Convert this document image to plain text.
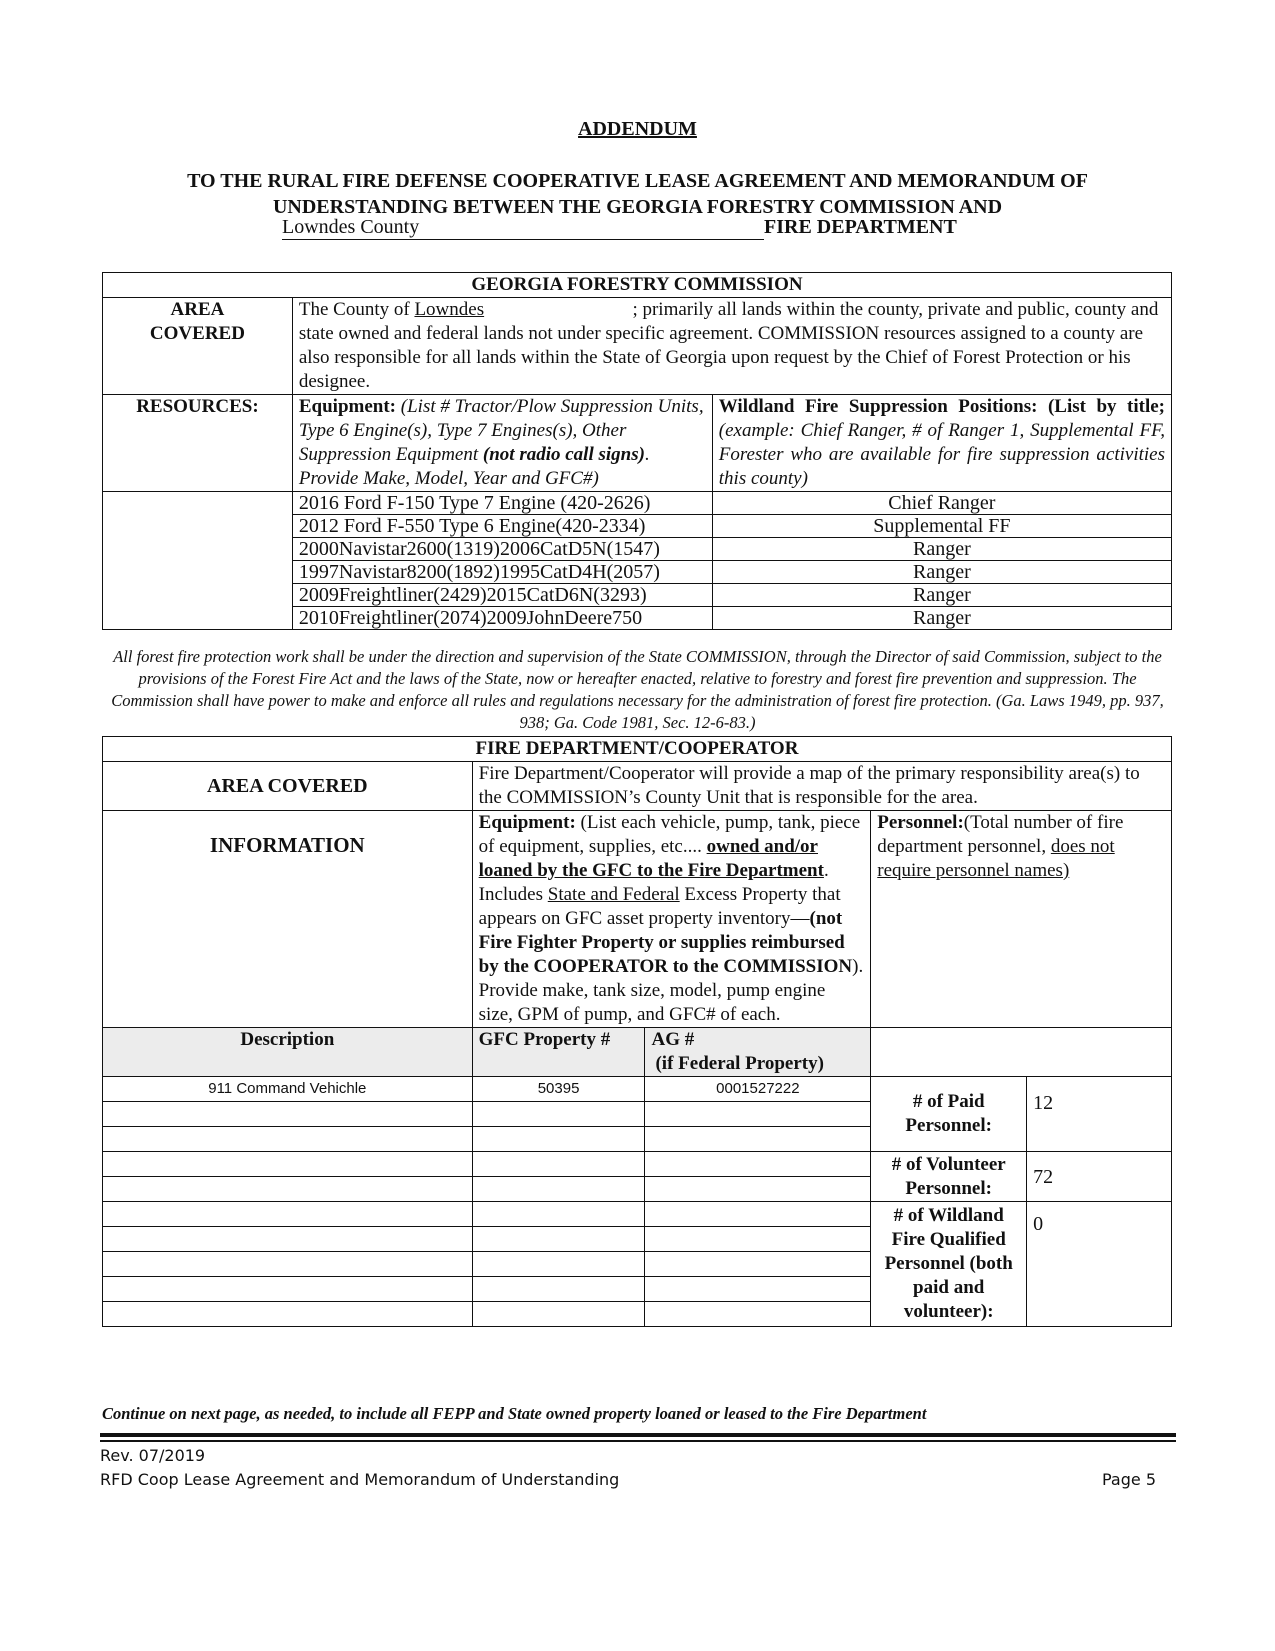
ADDENDUM
TO THE RURAL FIRE DEFENSE COOPERATIVE LEASE AGREEMENT AND MEMORANDUM OF
UNDERSTANDING BETWEEN THE GEORGIA FORESTRY COMMISSION AND
Lowndes County	FIRE DEPARTMENT
GEORGIA FORESTRY COMMISSION		

AREA
COVERED	The County of Lowndes ; primarily all lands within the county, private and public, county and state owned and federal lands not under specific agreement. COMMISSION resources assigned to a county are also responsible for all lands within the State of Georgia upon request by the Chief of Forest Protection or his designee.	
RESOURCES:	Equipment: (List # Tractor/Plow Suppression Units, Type 6 Engine(s), Type 7 Engines(s), Other Suppression Equipment (not radio call signs). Provide Make, Model, Year and GFC#)	Wildland Fire Suppression Positions: (List by title; (example: Chief Ranger, # of Ranger 1, Supplemental FF, Forester who are available for fire suppression activities this county)
	2016 Ford F-150 Type 7 Engine (420-2626)	Chief Ranger
	2012 Ford F-550 Type 6 Engine(420-2334)	Supplemental FF
	2000Navistar2600(1319)2006CatD5N(1547)	Ranger
	1997Navistar8200(1892)1995CatD4H(2057)	Ranger
	2009Freightliner(2429)2015CatD6N(3293)	Ranger
	2010Freightliner(2074)2009JohnDeere750	Ranger
All forest fire protection work shall be under the direction and supervision of the State COMMISSION, through the Director of said Commission, subject to the provisions of the Forest Fire Act and the laws of the State, now or hereafter enacted, relative to forestry and forest fire prevention and suppression. The Commission shall have power to make and enforce all rules and regulations necessary for the administration of forest fire protection. (Ga. Laws 1949, pp. 937, 938; Ga. Code 1981, Sec. 12-6-83.)
FIRE DEPARTMENT/COOPERATOR				
AREA COVERED	Fire Department/Cooperator will provide a map of the primary responsibility area(s) to the COMMISSION’s County Unit that is responsible for the area.			
INFORMATION	Equipment: (List each vehicle, pump, tank, piece of equipment, supplies, etc.... owned and/or loaned by the GFC to the Fire Department. Includes State and Federal Excess Property that appears on GFC asset property inventory—(not Fire Fighter Property or supplies reimbursed by the COOPERATOR to the COMMISSION). Provide make, tank size, model, pump engine size, GPM of pump, and GFC# of each.		Personnel:(Total number of fire department personnel, does not require personnel names)	
Description	GFC Property #	AG #
(if Federal Property)		

911 Command Vehichle	50395	0001527222	# of Paid Personnel:	12

			# of Volunteer Personnel:	72

			# of Wildland Fire Qualified Personnel (both paid and volunteer):	0

Continue on next page, as needed, to include all FEPP and State owned property loaned or leased to the Fire Department
Rev. 07/2019
RFD Coop Lease Agreement and Memorandum of Understanding	Page 5
